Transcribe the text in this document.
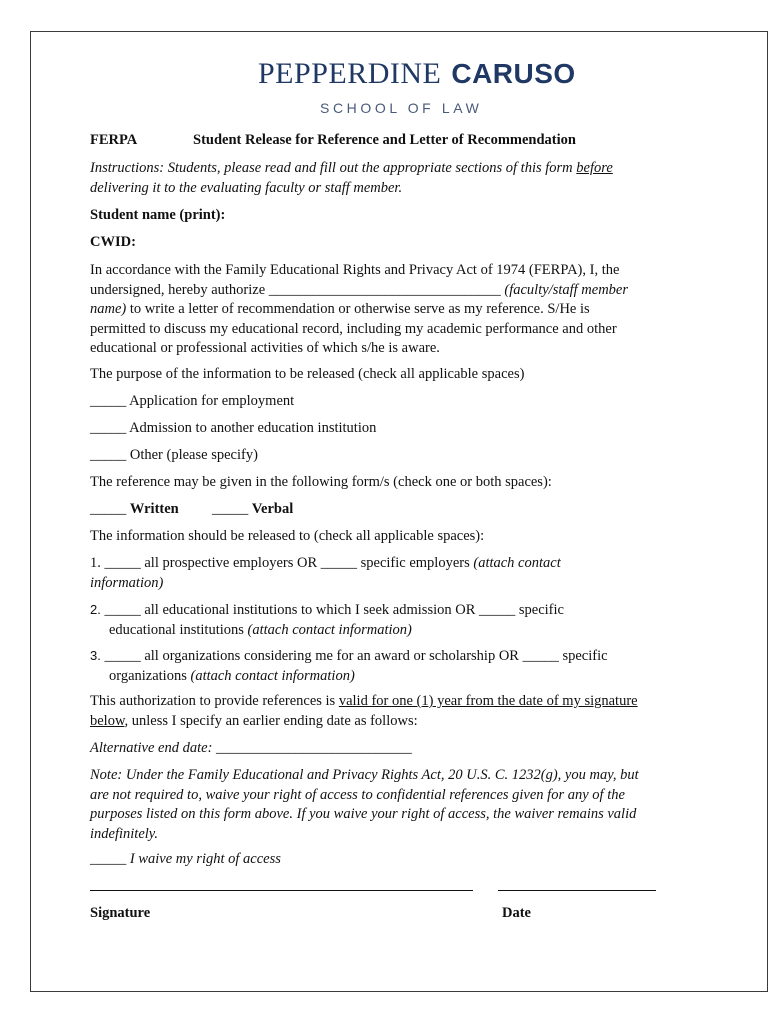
PEPPERDINE CARUSO
SCHOOL OF LAW
FERPA	Student Release for Reference and Letter of Recommendation

Instructions: Students, please read and fill out the appropriate sections of this form before
delivering it to the evaluating faculty or staff member.

Student name (print):

CWID:

In accordance with the Family Educational Rights and Privacy Act of 1974 (FERPA), I, the
undersigned, hereby authorize ________________________________ (faculty/staff member
name) to write a letter of recommendation or otherwise serve as my reference. S/He is
permitted to discuss my educational record, including my academic performance and other
educational or professional activities of which s/he is aware.

The purpose of the information to be released (check all applicable spaces)

_____ Application for employment

_____ Admission to another education institution

_____ Other (please specify)

The reference may be given in the following form/s (check one or both spaces):

_____ Written _____ Verbal

The information should be released to (check all applicable spaces):

1. _____ all prospective employers OR _____ specific employers (attach contact
information)

2. _____ all educational institutions to which I seek admission OR _____ specific
educational institutions (attach contact information)

3. _____ all organizations considering me for an award or scholarship OR _____ specific
organizations (attach contact information)

This authorization to provide references is valid for one (1) year from the date of my signature
below, unless I specify an earlier ending date as follows:

Alternative end date: ___________________________

Note: Under the Family Educational and Privacy Rights Act, 20 U.S. C. 1232(g), you may, but
are not required to, waive your right of access to confidential references given for any of the
purposes listed on this form above. If you waive your right of access, the waiver remains valid
indefinitely.

_____ I waive my right of access

Signature	Date
